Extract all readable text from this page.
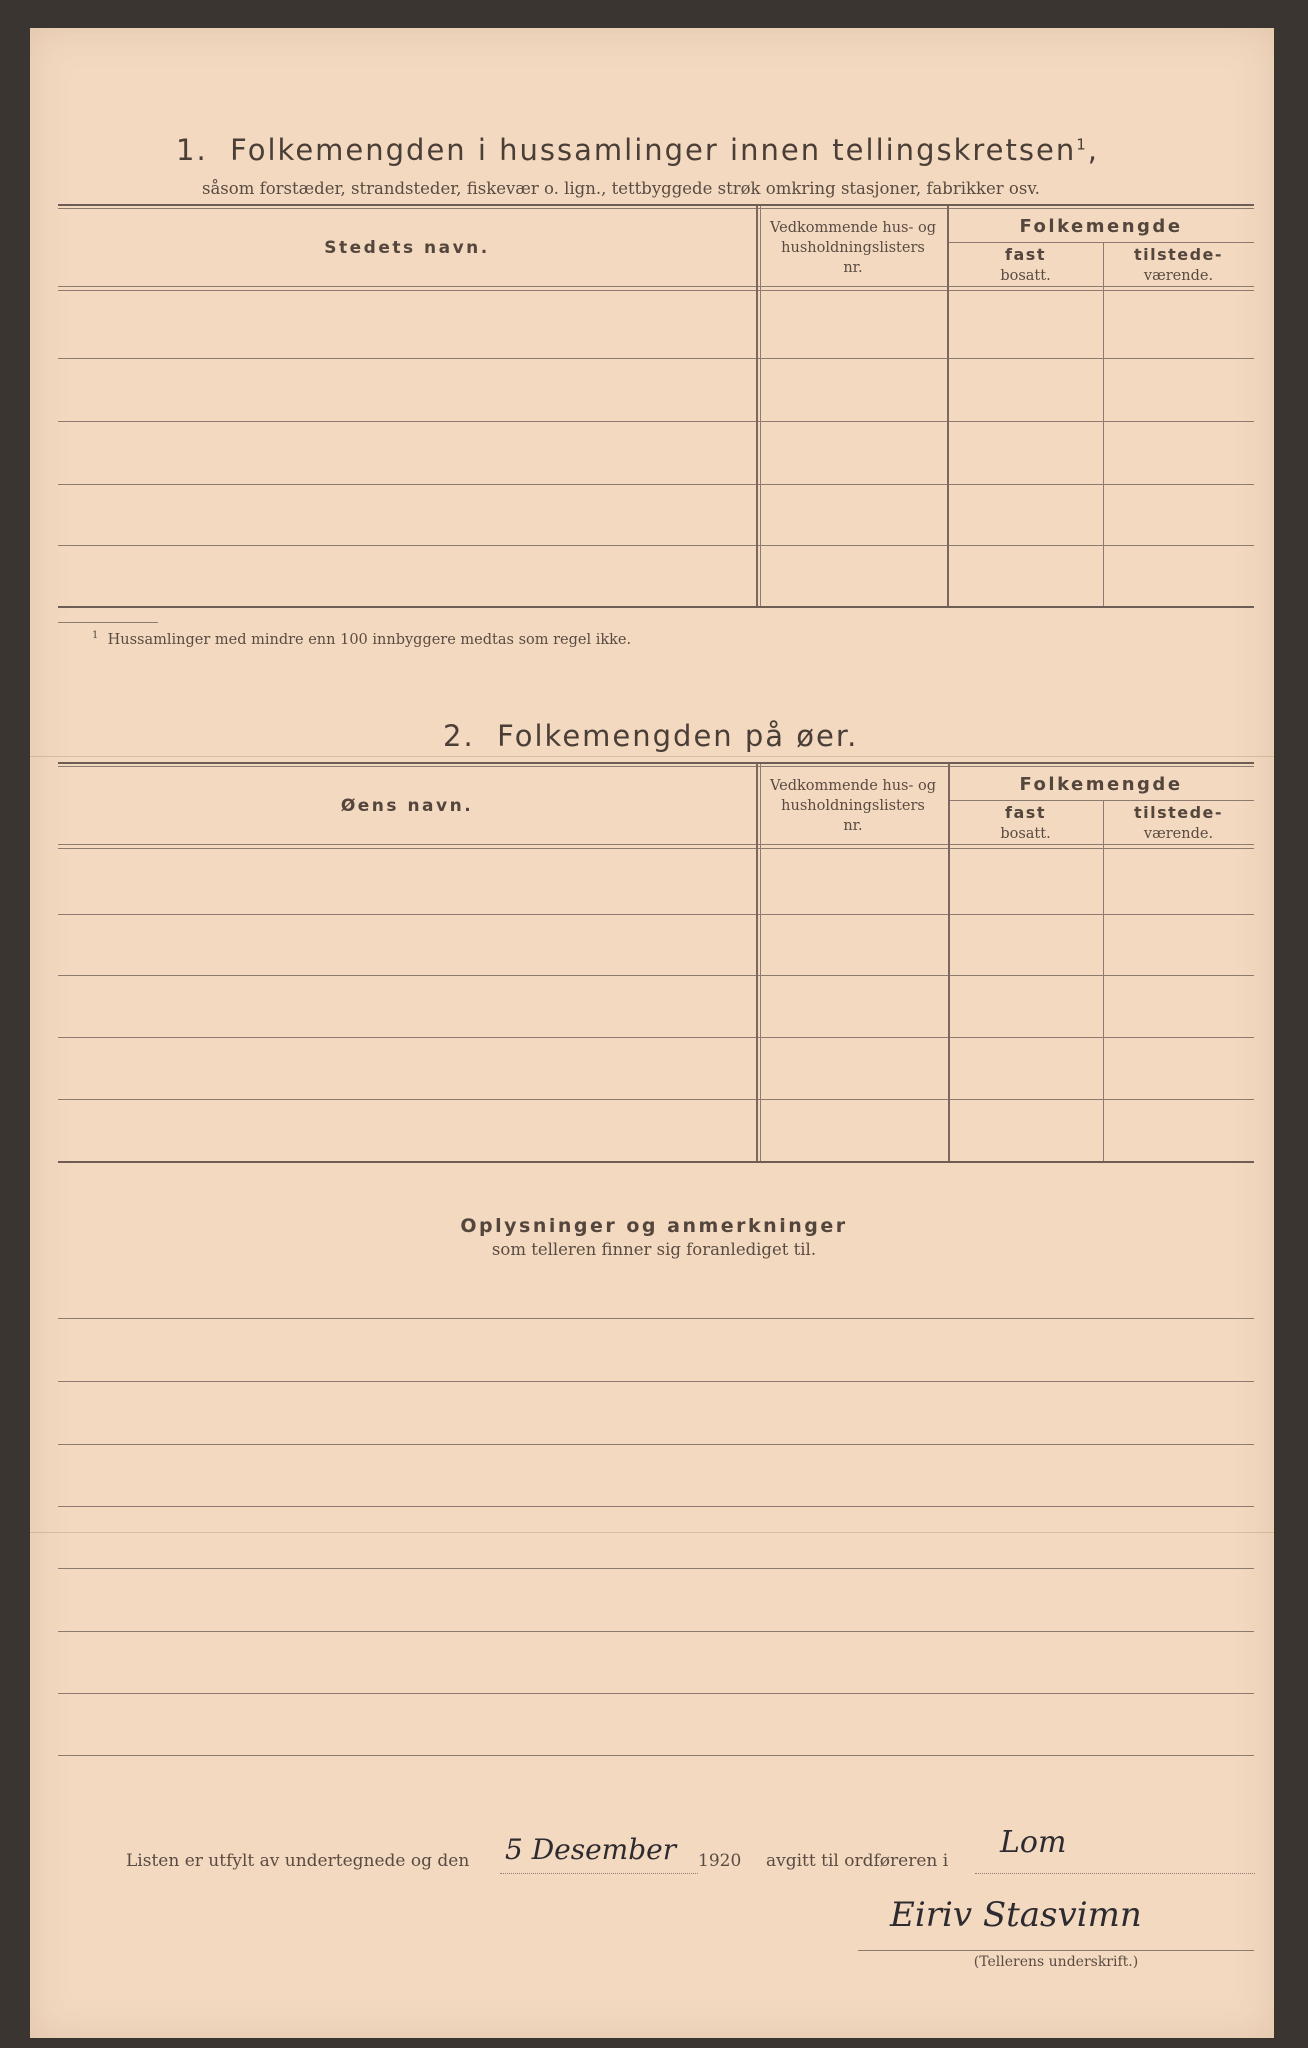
1. Folkemengden i hussamlinger innen tellingskretsen$^1$,
såsom forstæder, strandsteder, fiskevær o. lign., tettbyggede strøk omkring stasjoner, fabrikker osv.
Stedets navn.
Vedkommende hus- og
husholdningslisters
nr.
Folkemengde
fast
bosatt.
tilstede-
værende.
$^1$ Hussamlinger med mindre enn 100 innbyggere medtas som regel ikke.
2. Folkemengden på øer.
Øens navn.
Vedkommende hus- og
husholdningslisters
nr.
Folkemengde
fast
bosatt.
tilstede-
værende.
Oplysninger og anmerkninger
som telleren finner sig foranlediget til.
Listen er utfylt av undertegnede og den 5 Desember 1920 avgitt til ordføreren i
Lom
Eiriv Stasvimn
(Tellerens underskrift.)
